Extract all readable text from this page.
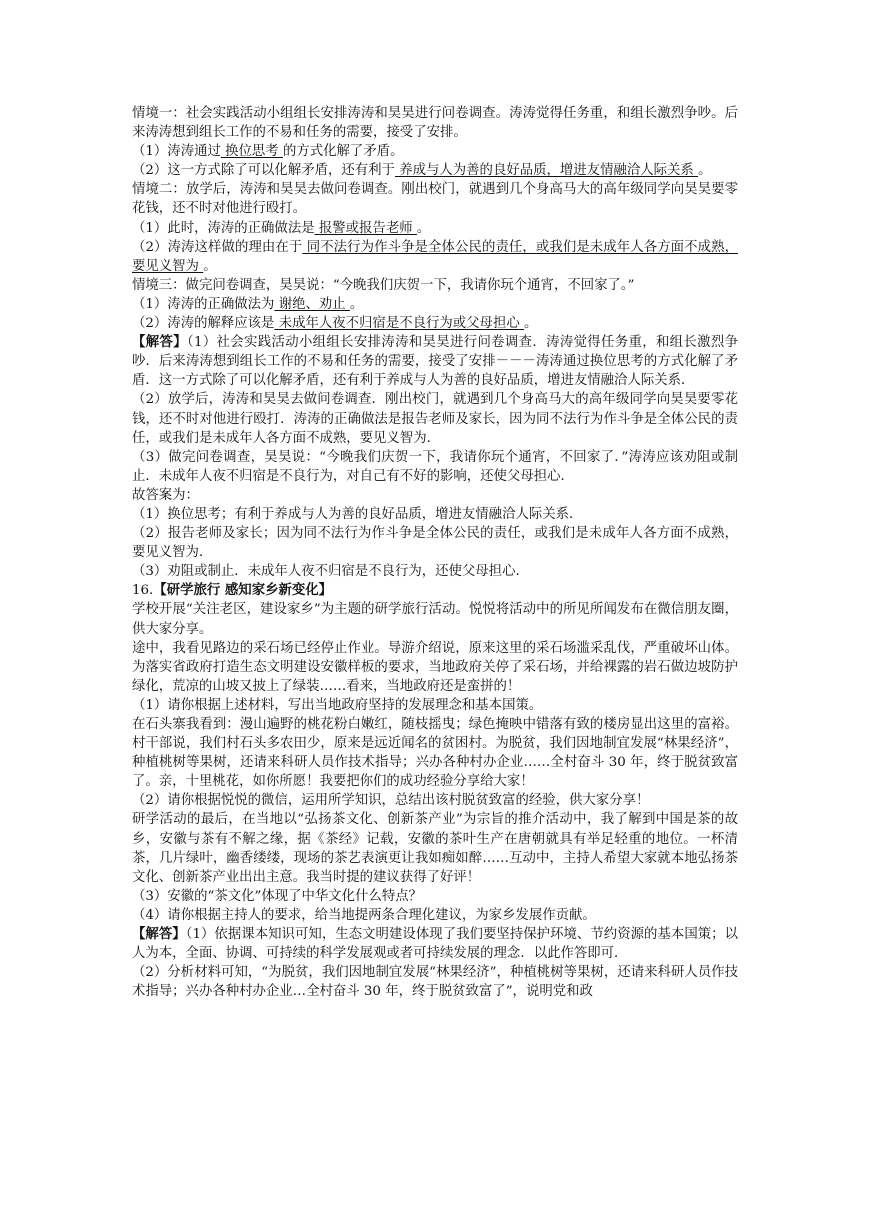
情境一：社会实践活动小组组长安排涛涛和昊昊进行问卷调查。涛涛觉得任务重，和组长激烈争吵。后来涛涛想到组长工作的不易和任务的需要，接受了安排。

（1）涛涛通过 换位思考 的方式化解了矛盾。

（2）这一方式除了可以化解矛盾，还有利于 养成与人为善的良好品质，增进友情融洽人际关系 。

情境二：放学后，涛涛和昊昊去做问卷调查。刚出校门，就遇到几个身高马大的高年级同学向昊昊要零花钱，还不时对他进行殴打。

（1）此时，涛涛的正确做法是 报警或报告老师 。

（2）涛涛这样做的理由在于 同不法行为作斗争是全体公民的责任，或我们是未成年人各方面不成熟，要见义智为 。

情境三：做完问卷调查，昊昊说：“今晚我们庆贺一下，我请你玩个通宵，不回家了。”

（1）涛涛的正确做法为 谢绝、劝止 。
（2）涛涛的解释应该是 未成年人夜不归宿是不良行为或父母担心 。

【解答】（1）社会实践活动小组组长安排涛涛和昊昊进行问卷调查．涛涛觉得任务重，和组长激烈争吵．后来涛涛想到组长工作的不易和任务的需要，接受了安排－－－涛涛通过换位思考的方式化解了矛盾．这一方式除了可以化解矛盾，还有利于养成与人为善的良好品质，增进友情融洽人际关系．

（2）放学后，涛涛和昊昊去做问卷调查．刚出校门，就遇到几个身高马大的高年级同学向昊昊要零花钱，还不时对他进行殴打．涛涛的正确做法是报告老师及家长，因为同不法行为作斗争是全体公民的责任，或我们是未成年人各方面不成熟，要见义智为．

（3）做完问卷调查，昊昊说：“今晚我们庆贺一下，我请你玩个通宵，不回家了．”涛涛应该劝阻或制止．未成年人夜不归宿是不良行为，对自己有不好的影响，还使父母担心．

故答案为：

（1）换位思考；有利于养成与人为善的良好品质，增进友情融洽人际关系．

（2）报告老师及家长；因为同不法行为作斗争是全体公民的责任，或我们是未成年人各方面不成熟，要见义智为．

（3）劝阻或制止．未成年人夜不归宿是不良行为，还使父母担心．

16.【研学旅行 感知家乡新变化】

学校开展“关注老区，建设家乡”为主题的研学旅行活动。悦悦将活动中的所见所闻发布在微信朋友圈，供大家分享。

途中，我看见路边的采石场已经停止作业。导游介绍说，原来这里的采石场滥采乱伐，严重破坏山体。为落实省政府打造生态文明建设安徽样板的要求，当地政府关停了采石场，并给裸露的岩石做边坡防护绿化，荒凉的山坡又披上了绿装……看来，当地政府还是蛮拼的！

（1）请你根据上述材料，写出当地政府坚持的发展理念和基本国策。

在石头寨我看到：漫山遍野的桃花粉白嫩红，随枝摇曳；绿色掩映中错落有致的楼房显出这里的富裕。村干部说，我们村石头多农田少，原来是远近闻名的贫困村。为脱贫，我们因地制宜发展“林果经济”，种植桃树等果树，还请来科研人员作技术指导；兴办各种村办企业……全村奋斗 30 年，终于脱贫致富了。亲，十里桃花，如你所愿！我要把你们的成功经验分享给大家！

（2）请你根据悦悦的微信，运用所学知识，总结出该村脱贫致富的经验，供大家分享！

研学活动的最后，在当地以“弘扬茶文化、创新茶产业”为宗旨的推介活动中，我了解到中国是茶的故乡，安徽与茶有不解之缘，据《茶经》记载，安徽的茶叶生产在唐朝就具有举足轻重的地位。一杯清茶，几片绿叶，幽香缕缕，现场的茶艺表演更让我如痴如醉……互动中，主持人希望大家就本地弘扬茶文化、创新茶产业出出主意。我当时提的建议获得了好评！

（3）安徽的“茶文化”体现了中华文化什么特点？

（4）请你根据主持人的要求，给当地提两条合理化建议，为家乡发展作贡献。

【解答】（1）依据课本知识可知，生态文明建设体现了我们要坚持保护环境、节约资源的基本国策；以人为本，全面、协调、可持续的科学发展观或者可持续发展的理念．以此作答即可．

（2）分析材料可知，“为脱贫，我们因地制宜发展“林果经济”，种植桃树等果树，还请来科研人员作技术指导；兴办各种村办企业…全村奋斗 30 年，终于脱贫致富了”，说明党和政
